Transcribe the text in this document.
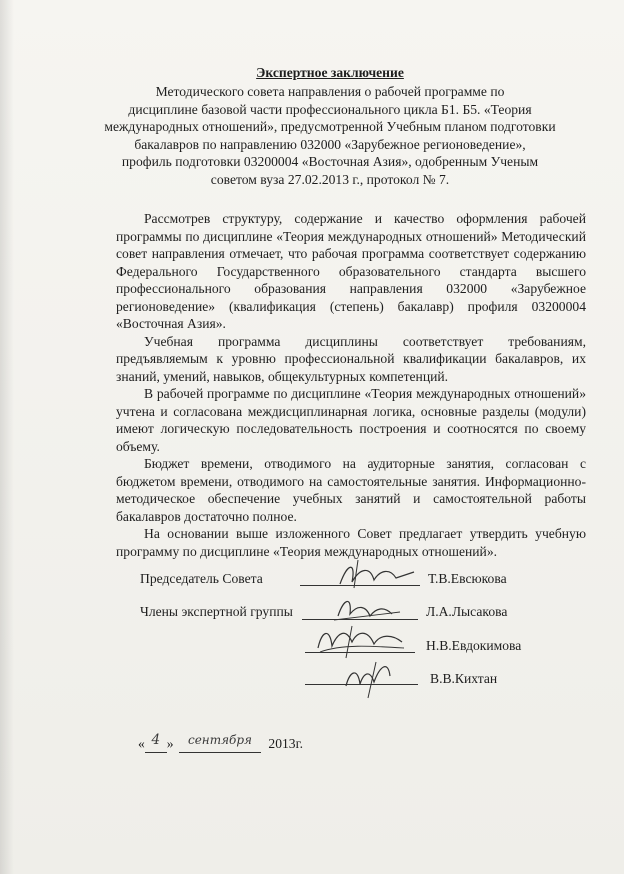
Экспертное заключение
Методического совета направления о рабочей программе по
дисциплине базовой части профессионального цикла Б1. Б5. «Теория
международных отношений», предусмотренной Учебным планом подготовки
бакалавров по направлению 032000 «Зарубежное регионоведение»,
профиль подготовки 03200004 «Восточная Азия», одобренным Ученым
советом вуза 27.02.2013 г., протокол № 7.

Рассмотрев структуру, содержание и качество оформления рабочей программы по дисциплине «Теория международных отношений» Методический совет направления отмечает, что рабочая программа соответствует содержанию Федерального Государственного образовательного стандарта высшего профессионального образования направления 032000 «Зарубежное регионоведение» (квалификация (степень) бакалавр) профиля 03200004 «Восточная Азия».

Учебная программа дисциплины соответствует требованиям, предъявляемым к уровню профессиональной квалификации бакалавров, их знаний, умений, навыков, общекультурных компетенций.

В рабочей программе по дисциплине «Теория международных отношений» учтена и согласована междисциплинарная логика, основные разделы (модули) имеют логическую последовательность построения и соотносятся по своему объему.

Бюджет времени, отводимого на аудиторные занятия, согласован с бюджетом времени, отводимого на самостоятельные занятия. Информационно-методическое обеспечение учебных занятий и самостоятельной работы бакалавров достаточно полное.

На основании выше изложенного Совет предлагает утвердить учебную программу по дисциплине «Теория международных отношений».

Председатель Совета	Т.В.Евсюкова
Члены экспертной группы	Л.А.Лысакова
Н.В.Евдокимова
В.В.Кихтан
« 4 » сентября 2013г.
